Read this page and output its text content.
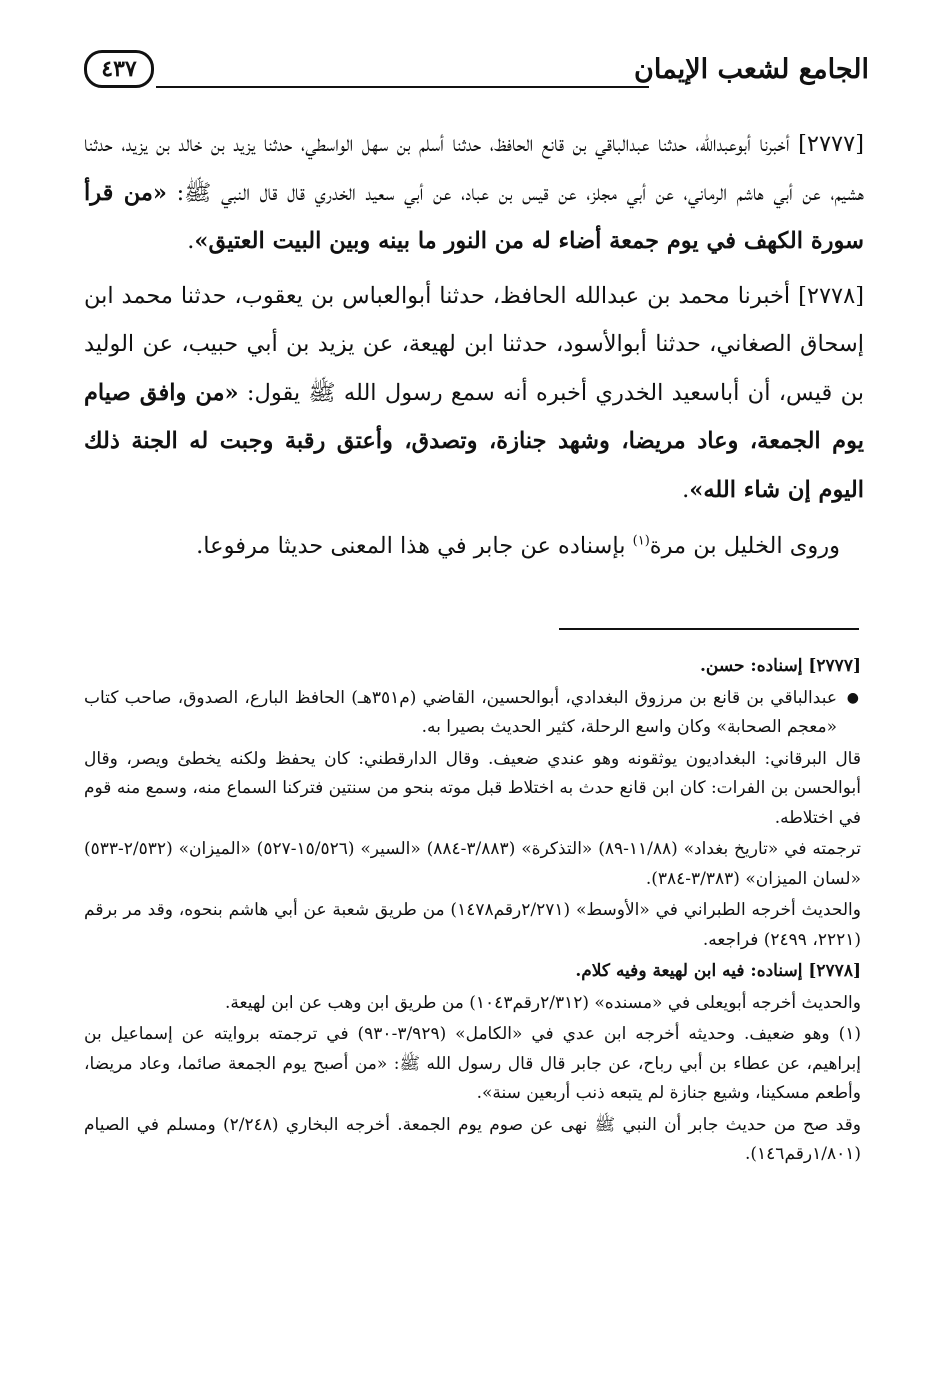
الجامع لشعب الإيمان
٤٣٧

[٢٧٧٧] أخبرنا أبوعبدالله، حدثنا عبدالباقي بن قانع الحافظ، حدثنا أسلم بن سهل الواسطي، حدثنا يزيد بن خالد بن يزيد، حدثنا هشيم، عن أبي هاشم الرماني، عن أبي مجلز، عن قيس بن عباد، عن أبي سعيد الخدري قال قال النبي ﷺ: «من قرأ سورة الكهف في يوم جمعة أضاء له من النور ما بينه وبين البيت العتيق».

[٢٧٧٨] أخبرنا محمد بن عبدالله الحافظ، حدثنا أبوالعباس بن يعقوب، حدثنا محمد ابن إسحاق الصغاني، حدثنا أبوالأسود، حدثنا ابن لهيعة، عن يزيد بن أبي حبيب، عن الوليد بن قيس، أن أباسعيد الخدري أخبره أنه سمع رسول الله ﷺ يقول: «من وافق صيام يوم الجمعة، وعاد مريضا، وشهد جنازة، وتصدق، وأعتق رقبة وجبت له الجنة ذلك اليوم إن شاء الله».

وروى الخليل بن مرة$^{(١)}$ بإسناده عن جابر في هذا المعنى حديثا مرفوعا.

[٢٧٧٧] إسناده: حسن.

●
عبدالباقي بن قانع بن مرزوق البغدادي، أبوالحسين، القاضي (م٣٥١هـ) الحافظ البارع، الصدوق، صاحب كتاب «معجم الصحابة» وكان واسع الرحلة، كثير الحديث بصيرا به.

قال البرقاني: البغداديون يوثقونه وهو عندي ضعيف. وقال الدارقطني: كان يحفظ ولكنه يخطئ ويصر، وقال أبوالحسن بن الفرات: كان ابن قانع حدث به اختلاط قبل موته بنحو من سنتين فتركنا السماع منه، وسمع منه قوم في اختلاطه.

ترجمته في «تاريخ بغداد» (١١/٨٨-٨٩) «التذكرة» (٣/٨٨٣-٨٨٤) «السير» (١٥/٥٢٦-٥٢٧) «الميزان» (٢/٥٣٢-٥٣٣) «لسان الميزان» (٣/٣٨٣-٣٨٤).

والحديث أخرجه الطبراني في «الأوسط» (٢/٢٧١رقم١٤٧٨) من طريق شعبة عن أبي هاشم بنحوه، وقد مر برقم (٢٢٢١، ٢٤٩٩) فراجعه.

[٢٧٧٨] إسناده: فيه ابن لهيعة وفيه كلام.

والحديث أخرجه أبويعلى في «مسنده» (٢/٣١٢رقم١٠٤٣) من طريق ابن وهب عن ابن لهيعة.

(١) وهو ضعيف. وحديثه أخرجه ابن عدي في «الكامل» (٣/٩٢٩-٩٣٠) في ترجمته بروايته عن إسماعيل بن إبراهيم، عن عطاء بن أبي رباح، عن جابر قال قال رسول الله ﷺ: «من أصبح يوم الجمعة صائما، وعاد مريضا، وأطعم مسكينا، وشيع جنازة لم يتبعه ذنب أربعين سنة».

وقد صح من حديث جابر أن النبي ﷺ نهى عن صوم يوم الجمعة. أخرجه البخاري (٢/٢٤٨) ومسلم في الصيام (١/٨٠١رقم١٤٦).
